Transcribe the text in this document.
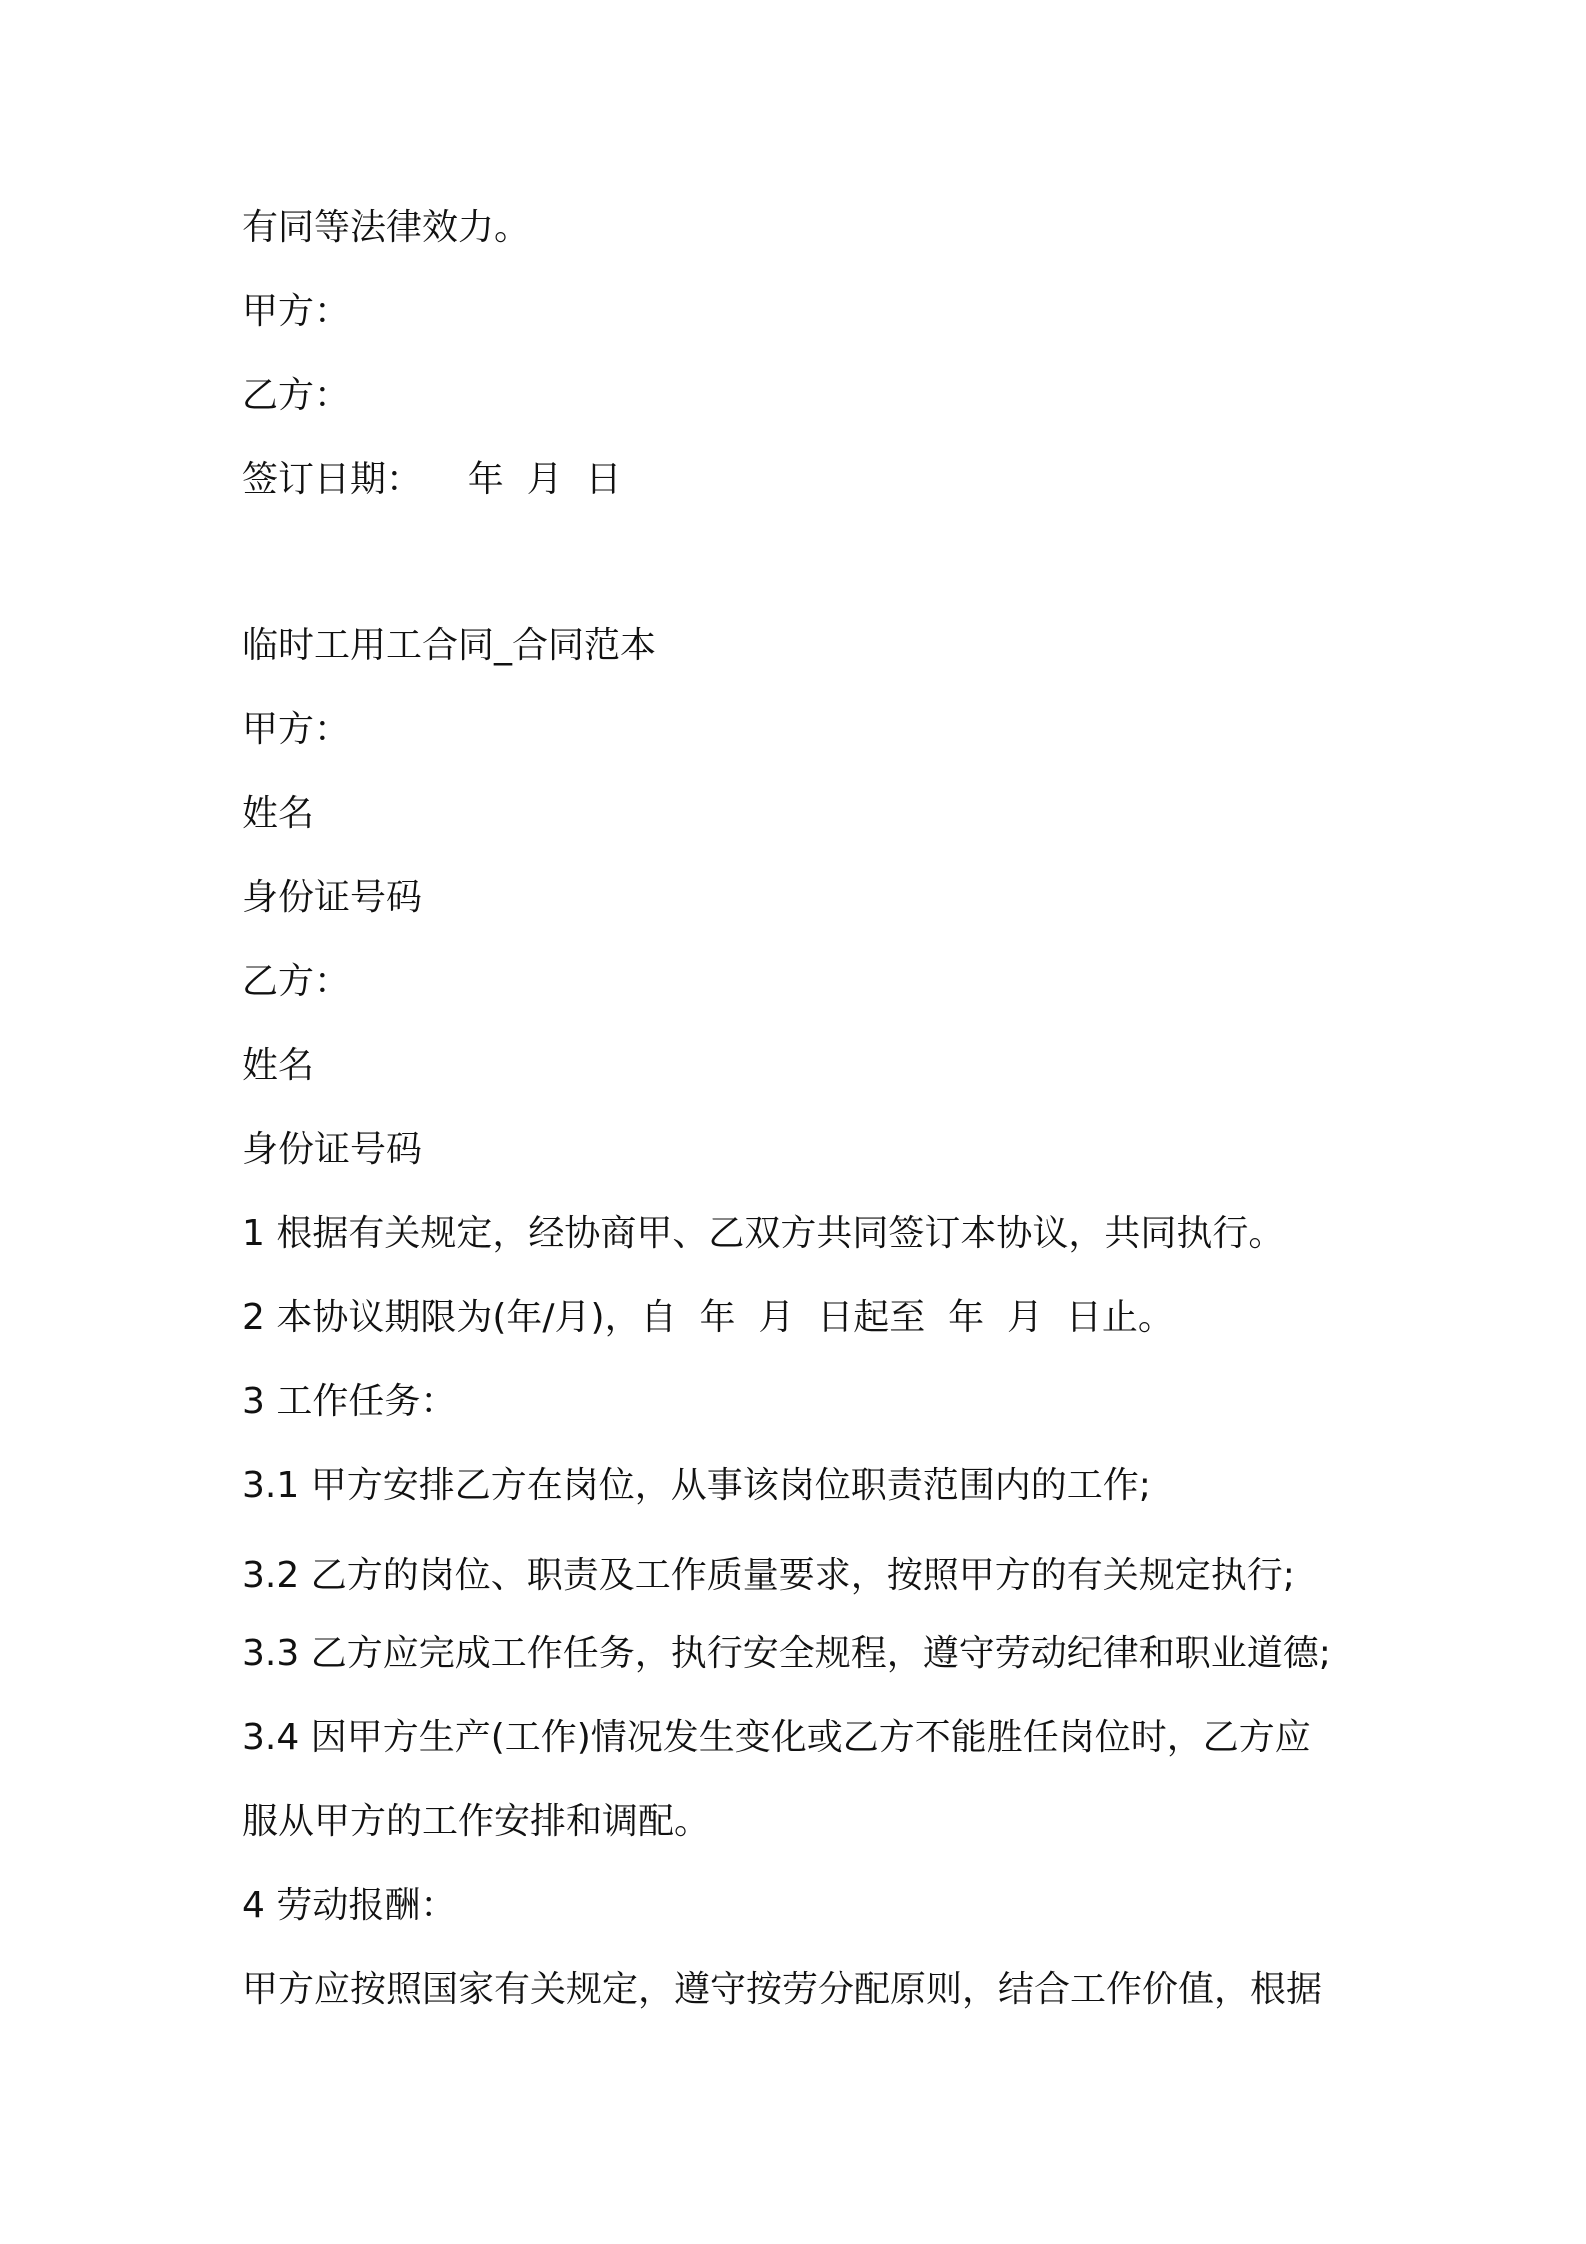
有同等法律效力。
甲方：
乙方：
签订日期：    年  月  日
临时工用工合同_合同范本
甲方：
姓名
身份证号码
乙方：
姓名
身份证号码
1 根据有关规定，经协商甲、乙双方共同签订本协议，共同执行。
2 本协议期限为(年/月)，自  年  月  日起至  年  月  日止。
3 工作任务：
3.1 甲方安排乙方在岗位，从事该岗位职责范围内的工作;
3.2 乙方的岗位、职责及工作质量要求，按照甲方的有关规定执行;
3.3 乙方应完成工作任务，执行安全规程，遵守劳动纪律和职业道德;
3.4 因甲方生产(工作)情况发生变化或乙方不能胜任岗位时，乙方应
服从甲方的工作安排和调配。
4 劳动报酬：
甲方应按照国家有关规定，遵守按劳分配原则，结合工作价值，根据
